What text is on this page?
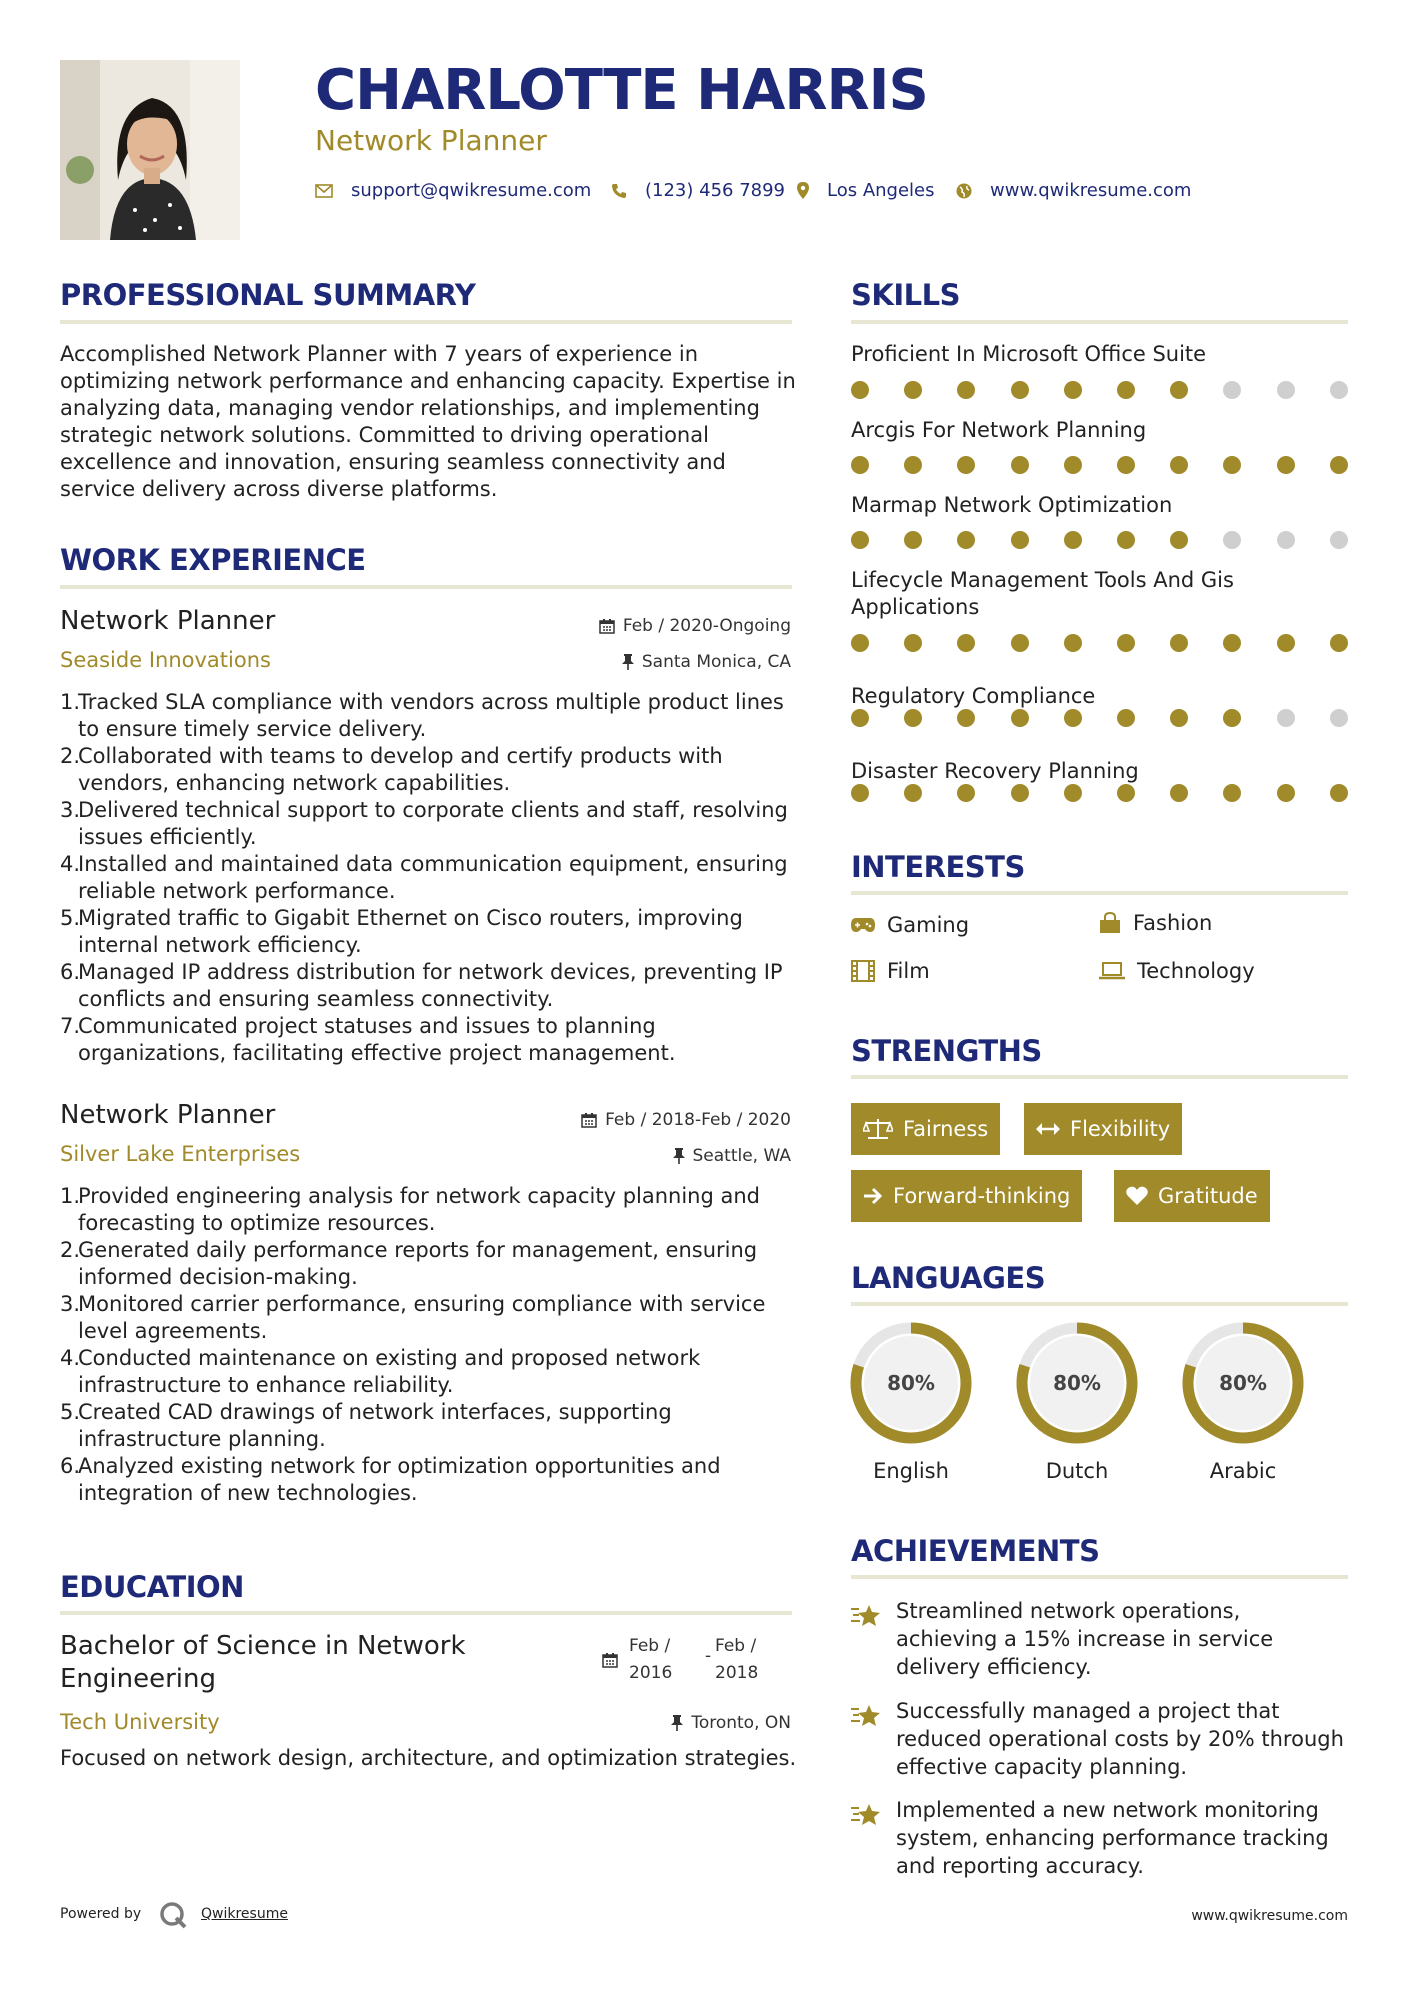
CHARLOTTE HARRIS
Network Planner
support@qwikresume.com	(123) 456 7899 Los Angeles	www.qwikresume.com
PROFESSIONAL SUMMARY
Accomplished Network Planner with 7 years of experience in optimizing network performance and enhancing capacity. Expertise in analyzing data, managing vendor relationships, and implementing strategic network solutions. Committed to driving operational excellence and innovation, ensuring seamless connectivity and service delivery across diverse platforms.
WORK EXPERIENCE
Network Planner	Feb / 2020-Ongoing
Seaside Innovations	Santa Monica, CA
1.
Tracked SLA compliance with vendors across multiple product lines to ensure timely service delivery.
2.
Collaborated with teams to develop and certify products with vendors, enhancing network capabilities.
3.
Delivered technical support to corporate clients and staff, resolving issues efficiently.
4.
Installed and maintained data communication equipment, ensuring reliable network performance.
5.
Migrated traffic to Gigabit Ethernet on Cisco routers, improving internal network efficiency.
6.
Managed IP address distribution for network devices, preventing IP conflicts and ensuring seamless connectivity.
7.
Communicated project statuses and issues to planning organizations, facilitating effective project management.
Network Planner	Feb / 2018-Feb / 2020
Silver Lake Enterprises	Seattle, WA
1.
Provided engineering analysis for network capacity planning and forecasting to optimize resources.
2.
Generated daily performance reports for management, ensuring informed decision-making.
3.
Monitored carrier performance, ensuring compliance with service level agreements.
4.
Conducted maintenance on existing and proposed network infrastructure to enhance reliability.
5.
Created CAD drawings of network interfaces, supporting infrastructure planning.
6.
Analyzed existing network for optimization opportunities and integration of new technologies.
EDUCATION
Bachelor of Science in Network Engineering
Feb /
2016
- Feb /
2018
Tech University	Toronto, ON
Focused on network design, architecture, and optimization strategies.
Powered by	Qwikresume
SKILLS
Proficient In Microsoft Office Suite
Arcgis For Network Planning
Marmap Network Optimization
Lifecycle Management Tools And Gis Applications
Regulatory Compliance
Disaster Recovery Planning
INTERESTS
Gaming	Fashion
Film	Technology
STRENGTHS
Fairness	Flexibility
Forward-thinking	Gratitude
LANGUAGES
80%
English
80%
Dutch
80%
Arabic
ACHIEVEMENTS
Streamlined network operations, achieving a 15% increase in service delivery efficiency.
Successfully managed a project that reduced operational costs by 20% through effective capacity planning.
Implemented a new network monitoring system, enhancing performance tracking and reporting accuracy.
www.qwikresume.com
